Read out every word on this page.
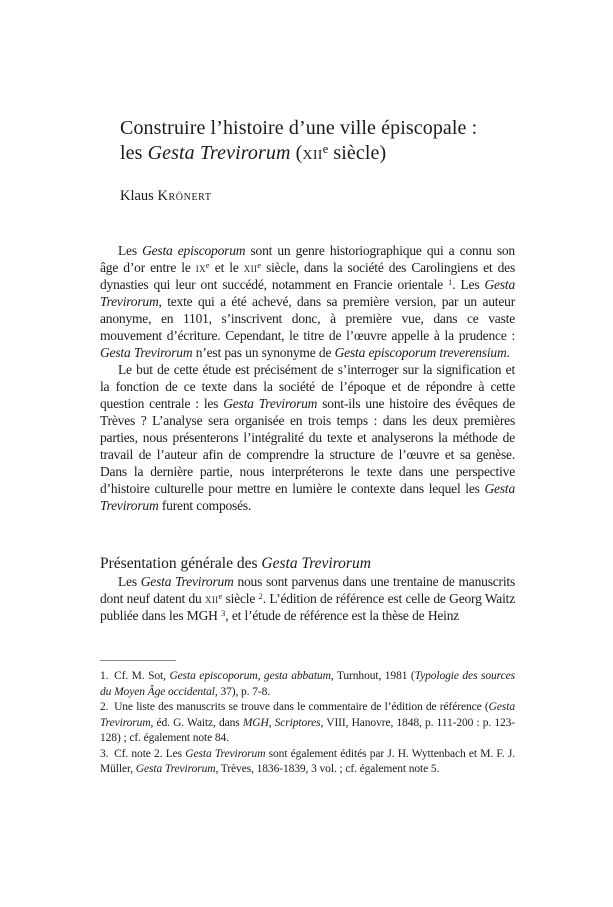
Construire l’histoire d’une ville épiscopale :
les Gesta Trevirorum (xii$^e$ siècle)
Klaus Krönert

Les Gesta episcoporum sont un genre historiographique qui a connu son âge d’or entre le $ix^e$ et le xii$^e$ siècle, dans la société des Carolingiens et des dynasties qui leur ont succédé, notamment en Francie orientale $^1$. Les Gesta Trevirorum, texte qui a été achevé, dans sa première version, par un auteur anonyme, en 1101, s’inscrivent donc, à première vue, dans ce vaste mouvement d’écriture. Cependant, le titre de l’œuvre appelle à la prudence : Gesta Trevirorum n’est pas un synonyme de Gesta episcoporum treverensium.

Le but de cette étude est précisément de s’interroger sur la signification et la fonction de ce texte dans la société de l’époque et de répondre à cette question centrale : les Gesta Trevirorum sont-ils une histoire des évêques de Trèves ? L’analyse sera organisée en trois temps : dans les deux premières parties, nous présenterons l’intégralité du texte et analyserons la méthode de travail de l’auteur afin de comprendre la structure de l’œuvre et sa genèse. Dans la dernière partie, nous interpréterons le texte dans une perspective d’histoire culturelle pour mettre en lumière le contexte dans lequel les Gesta Trevirorum furent composés.

Présentation générale des Gesta Trevirorum

Les Gesta Trevirorum nous sont parvenus dans une trentaine de manuscrits dont neuf datent du xii$^e$ siècle $^2$. L’édition de référence est celle de Georg Waitz publiée dans les MGH $^3$, et l’étude de référence est la thèse de Heinz

1. Cf. M. Sot, Gesta episcoporum, gesta abbatum, Turnhout, 1981 (Typologie des sources du Moyen Âge occidental, 37), p. 7-8.

2. Une liste des manuscrits se trouve dans le commentaire de l’édition de référence (Gesta Trevirorum, éd. G. Waitz, dans MGH, Scriptores, VIII, Hanovre, 1848, p. 111-200 : p. 123-128) ; cf. également note 84.

3. Cf. note 2. Les Gesta Trevirorum sont également édités par J. H. Wyttenbach et M. F. J. Müller, Gesta Trevirorum, Trèves, 1836-1839, 3 vol. ; cf. également note 5.
